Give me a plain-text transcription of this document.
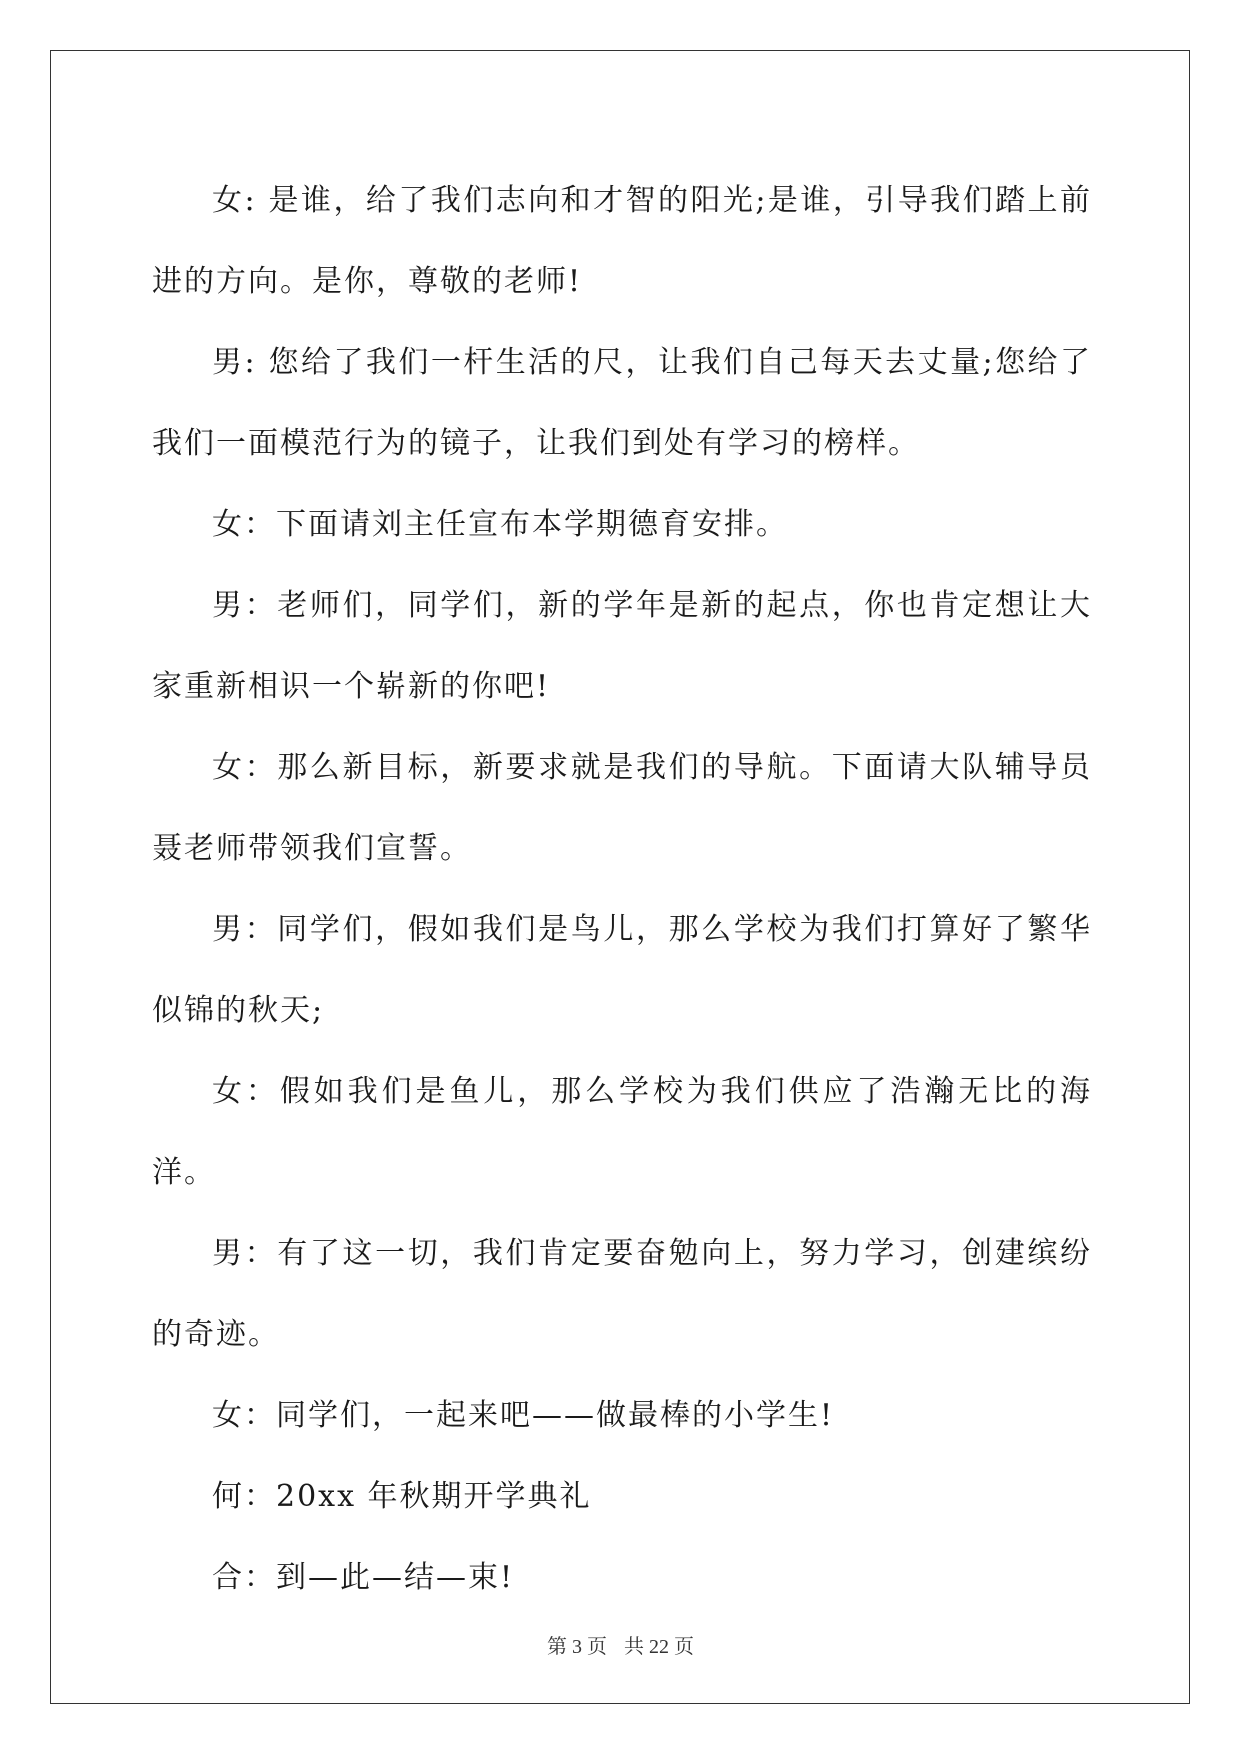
女: 是谁，给了我们志向和才智的阳光;是谁，引导我们踏上前进的方向。是你，尊敬的老师!

男: 您给了我们一杆生活的尺，让我们自己每天去丈量;您给了我们一面模范行为的镜子，让我们到处有学习的榜样。

女：下面请刘主任宣布本学期德育安排。

男：老师们，同学们，新的学年是新的起点，你也肯定想让大家重新相识一个崭新的你吧!

女：那么新目标，新要求就是我们的导航。下面请大队辅导员聂老师带领我们宣誓。

男：同学们，假如我们是鸟儿，那么学校为我们打算好了繁华似锦的秋天;

女：假如我们是鱼儿，那么学校为我们供应了浩瀚无比的海洋。

男：有了这一切，我们肯定要奋勉向上，努力学习，创建缤纷的奇迹。

女：同学们，一起来吧——做最棒的小学生!

何：20xx 年秋期开学典礼

合：到—此—结—束!

第 3 页 共 22 页
